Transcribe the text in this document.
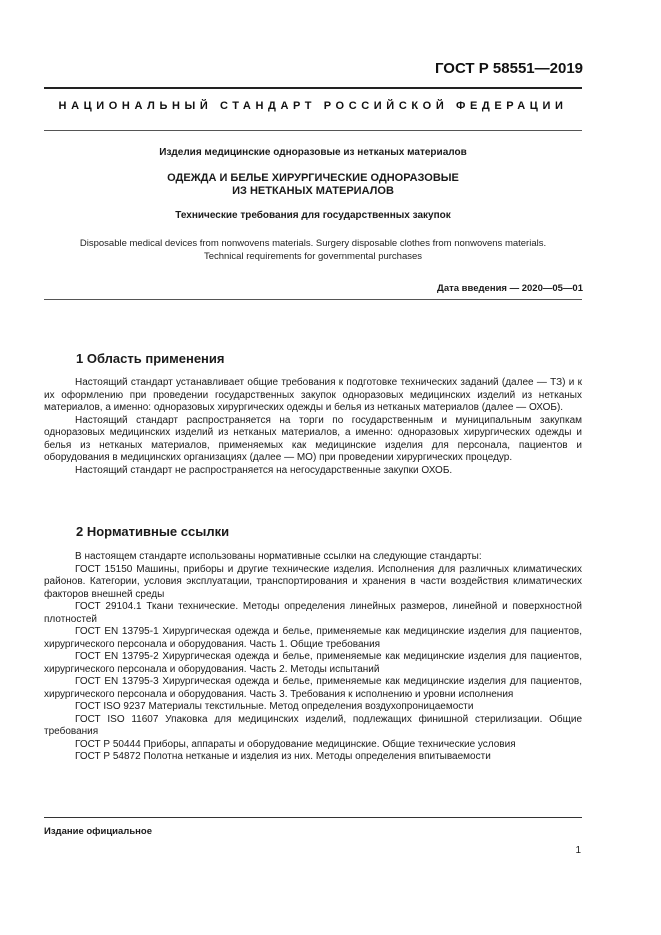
ГОСТ Р 58551—2019
НАЦИОНАЛЬНЫЙ СТАНДАРТ РОССИЙСКОЙ ФЕДЕРАЦИИ
Изделия медицинские одноразовые из нетканых материалов
ОДЕЖДА И БЕЛЬЕ ХИРУРГИЧЕСКИЕ ОДНОРАЗОВЫЕ
ИЗ НЕТКАНЫХ МАТЕРИАЛОВ
Технические требования для государственных закупок
Disposable medical devices from nonwovens materials. Surgery disposable clothes from nonwovens materials.
Technical requirements for governmental purchases
Дата введения — 2020—05—01
1 Область применения

Настоящий стандарт устанавливает общие требования к подготовке технических заданий (далее — ТЗ) и к их оформлению при проведении государственных закупок одноразовых медицинских изделий из нетканых материалов, а именно: одноразовых хирургических одежды и белья из нетканых материалов (далее — ОХОБ).

Настоящий стандарт распространяется на торги по государственным и муниципальным закупкам одноразовых медицинских изделий из нетканых материалов, а именно: одноразовых хирургических одежды и белья из нетканых материалов, применяемых как медицинские изделия для персонала, пациентов и оборудования в медицинских организациях (далее — МО) при проведении хирургических процедур.

Настоящий стандарт не распространяется на негосударственные закупки ОХОБ.

2 Нормативные ссылки

В настоящем стандарте использованы нормативные ссылки на следующие стандарты:

ГОСТ 15150 Машины, приборы и другие технические изделия. Исполнения для различных климатических районов. Категории, условия эксплуатации, транспортирования и хранения в части воздействия климатических факторов внешней среды

ГОСТ 29104.1 Ткани технические. Методы определения линейных размеров, линейной и поверхностной плотностей

ГОСТ EN 13795-1 Хирургическая одежда и белье, применяемые как медицинские изделия для пациентов, хирургического персонала и оборудования. Часть 1. Общие требования

ГОСТ EN 13795-2 Хирургическая одежда и белье, применяемые как медицинские изделия для пациентов, хирургического персонала и оборудования. Часть 2. Методы испытаний

ГОСТ EN 13795-3 Хирургическая одежда и белье, применяемые как медицинские изделия для пациентов, хирургического персонала и оборудования. Часть 3. Требования к исполнению и уровни исполнения

ГОСТ ISO 9237 Материалы текстильные. Метод определения воздухопроницаемости

ГОСТ ISO 11607 Упаковка для медицинских изделий, подлежащих финишной стерилизации. Общие требования

ГОСТ Р 50444 Приборы, аппараты и оборудование медицинские. Общие технические условия

ГОСТ Р 54872 Полотна нетканые и изделия из них. Методы определения впитываемости

Издание официальное
1
